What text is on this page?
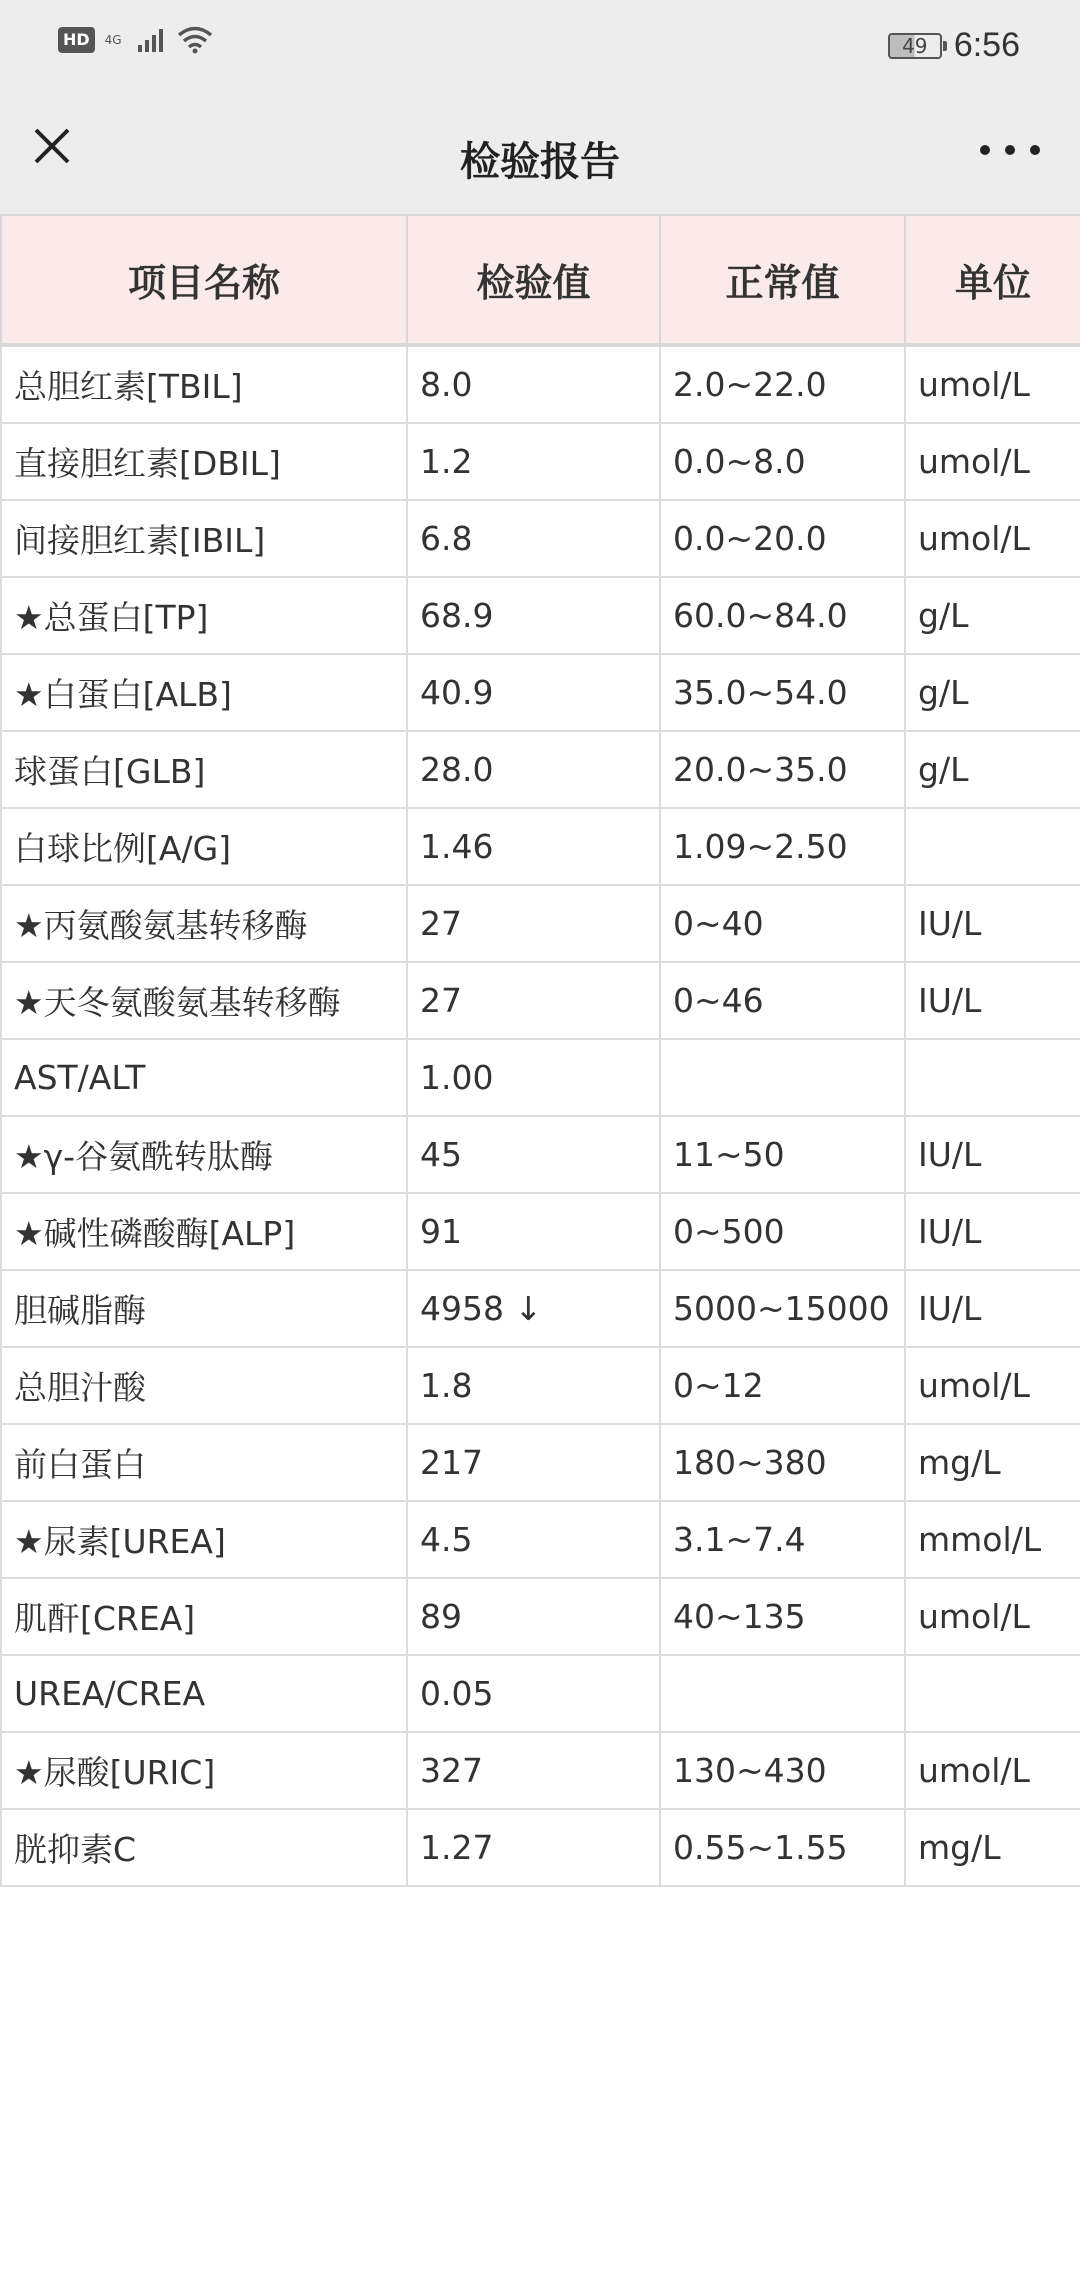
HD	4G	49 6:56
检验报告
项目名称	检验值	正常值	单位
总胆红素[TBIL]	8.0	2.0~22.0	umol/L
直接胆红素[DBIL]	1.2	0.0~8.0	umol/L
间接胆红素[IBIL]	6.8	0.0~20.0	umol/L
★总蛋白[TP]	68.9	60.0~84.0	g/L
★白蛋白[ALB]	40.9	35.0~54.0	g/L
球蛋白[GLB]	28.0	20.0~35.0	g/L
白球比例[A/G]	1.46	1.09~2.50	
★丙氨酸氨基转移酶	27	0~40	IU/L
★天冬氨酸氨基转移酶	27	0~46	IU/L
AST/ALT	1.00		
★γ-谷氨酰转肽酶	45	11~50	IU/L
★碱性磷酸酶[ALP]	91	0~500	IU/L
胆碱脂酶	4958 ↓	5000~15000	IU/L
总胆汁酸	1.8	0~12	umol/L
前白蛋白	217	180~380	mg/L
★尿素[UREA]	4.5	3.1~7.4	mmol/L
肌酐[CREA]	89	40~135	umol/L
UREA/CREA	0.05		
★尿酸[URIC]	327	130~430	umol/L
胱抑素C	1.27	0.55~1.55	mg/L
